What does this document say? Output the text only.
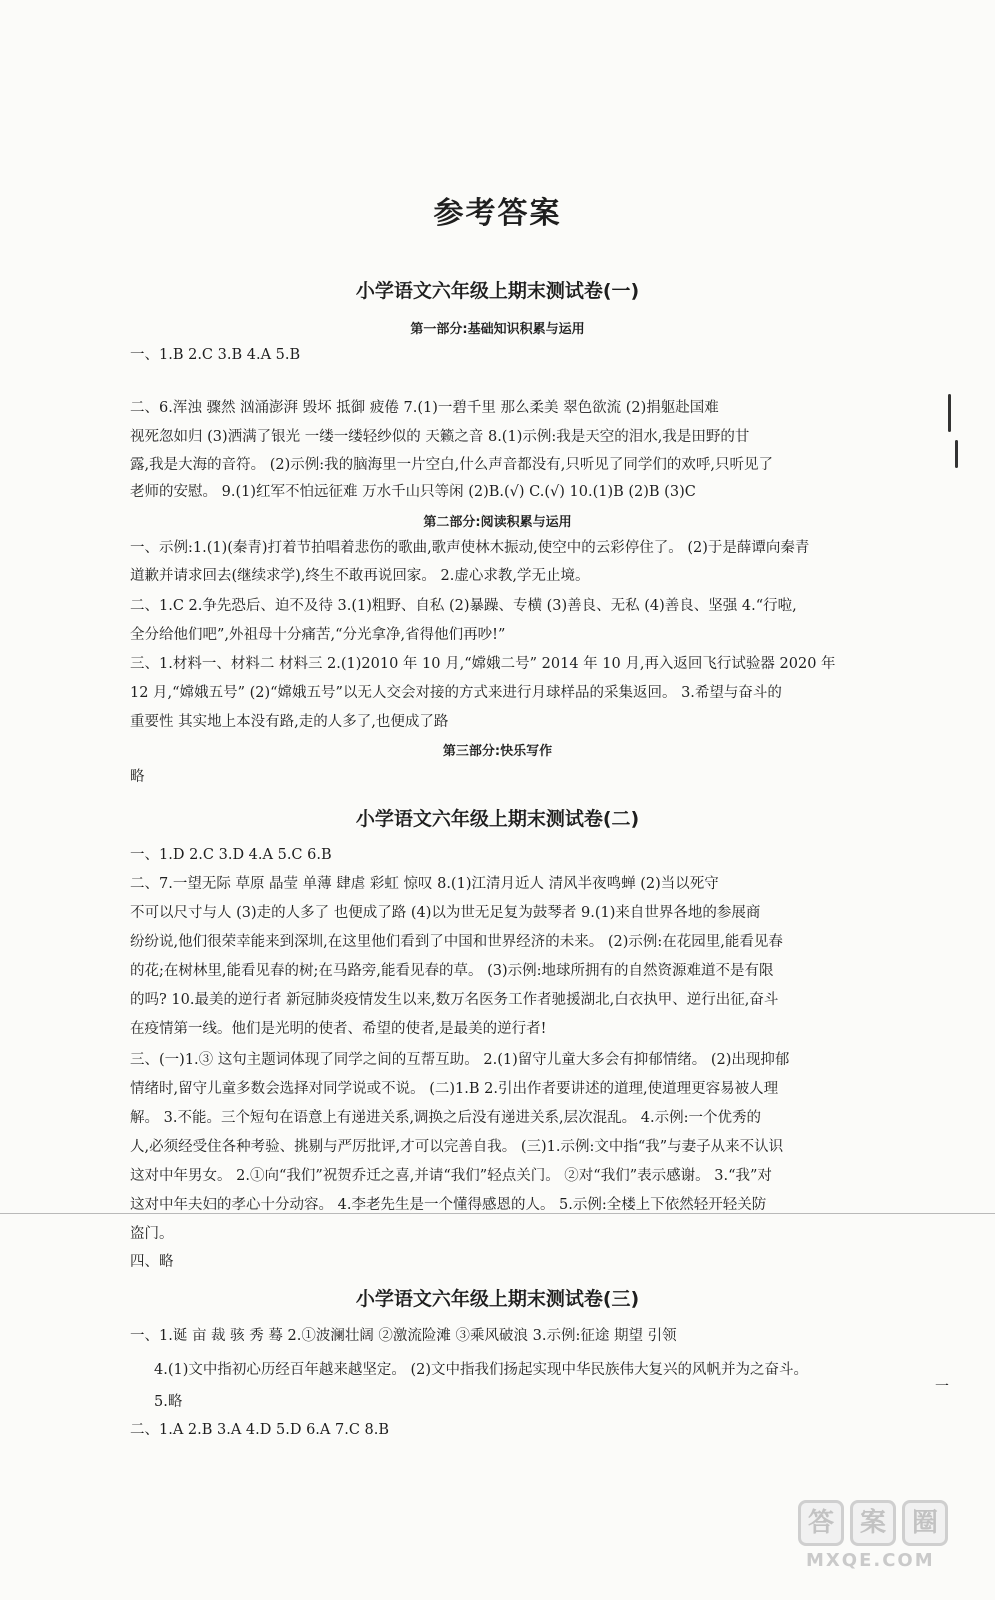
参考答案
小学语文六年级上期末测试卷(一)
第一部分:基础知识积累与运用
一、1.B 2.C 3.B 4.A 5.B
二、6.浑浊 骤然 汹涌澎湃 毁坏 抵御 疲倦 7.(1)一碧千里 那么柔美 翠色欲流 (2)捐躯赴国难
视死忽如归 (3)洒满了银光 一缕一缕轻纱似的 天籁之音 8.(1)示例:我是天空的泪水,我是田野的甘
露,我是大海的音符。 (2)示例:我的脑海里一片空白,什么声音都没有,只听见了同学们的欢呼,只听见了
老师的安慰。 9.(1)红军不怕远征难 万水千山只等闲 (2)B.(√) C.(√) 10.(1)B (2)B (3)C
第二部分:阅读积累与运用
一、示例:1.(1)(秦青)打着节拍唱着悲伤的歌曲,歌声使林木振动,使空中的云彩停住了。 (2)于是薛谭向秦青
道歉并请求回去(继续求学),终生不敢再说回家。 2.虚心求教,学无止境。
二、1.C 2.争先恐后、迫不及待 3.(1)粗野、自私 (2)暴躁、专横 (3)善良、无私 (4)善良、坚强 4.“行啦,
全分给他们吧”,外祖母十分痛苦,“分光拿净,省得他们再吵!”
三、1.材料一、材料二 材料三 2.(1)2010 年 10 月,“嫦娥二号” 2014 年 10 月,再入返回飞行试验器 2020 年
12 月,“嫦娥五号” (2)“嫦娥五号”以无人交会对接的方式来进行月球样品的采集返回。 3.希望与奋斗的
重要性 其实地上本没有路,走的人多了,也便成了路
第三部分:快乐写作
略
小学语文六年级上期末测试卷(二)
一、1.D 2.C 3.D 4.A 5.C 6.B
二、7.一望无际 草原 晶莹 单薄 肆虐 彩虹 惊叹 8.(1)江清月近人 清风半夜鸣蝉 (2)当以死守
不可以尺寸与人 (3)走的人多了 也便成了路 (4)以为世无足复为鼓琴者 9.(1)来自世界各地的参展商
纷纷说,他们很荣幸能来到深圳,在这里他们看到了中国和世界经济的未来。 (2)示例:在花园里,能看见春
的花;在树林里,能看见春的树;在马路旁,能看见春的草。 (3)示例:地球所拥有的自然资源难道不是有限
的吗? 10.最美的逆行者 新冠肺炎疫情发生以来,数万名医务工作者驰援湖北,白衣执甲、逆行出征,奋斗
在疫情第一线。他们是光明的使者、希望的使者,是最美的逆行者!
三、(一)1.③ 这句主题词体现了同学之间的互帮互助。 2.(1)留守儿童大多会有抑郁情绪。 (2)出现抑郁
情绪时,留守儿童多数会选择对同学说或不说。 (二)1.B 2.引出作者要讲述的道理,使道理更容易被人理
解。 3.不能。三个短句在语意上有递进关系,调换之后没有递进关系,层次混乱。 4.示例:一个优秀的
人,必须经受住各种考验、挑剔与严厉批评,才可以完善自我。 (三)1.示例:文中指“我”与妻子从来不认识
这对中年男女。 2.①向“我们”祝贺乔迁之喜,并请“我们”轻点关门。 ②对“我们”表示感谢。 3.“我”对
这对中年夫妇的孝心十分动容。 4.李老先生是一个懂得感恩的人。 5.示例:全楼上下依然轻开轻关防
盗门。
四、略
小学语文六年级上期末测试卷(三)
一、1.诞 亩 裁 骇 秀 蓦 2.①波澜壮阔 ②激流险滩 ③乘风破浪 3.示例:征途 期望 引领
4.(1)文中指初心历经百年越来越坚定。 (2)文中指我们扬起实现中华民族伟大复兴的风帆并为之奋斗。
5.略
二、1.A 2.B 3.A 4.D 5.D 6.A 7.C 8.B
一
答 案 圈
MXQE.COM
